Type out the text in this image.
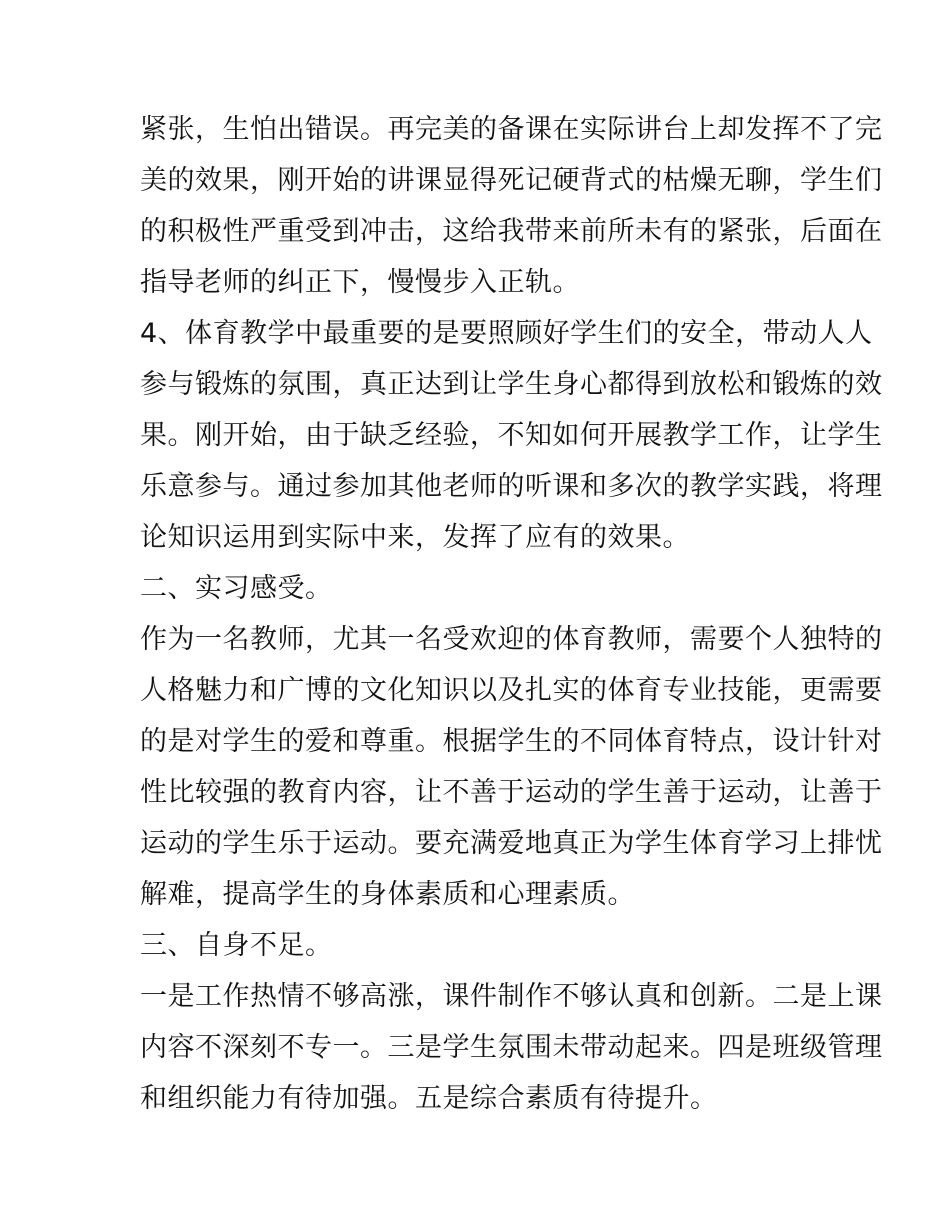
紧张，生怕出错误。再完美的备课在实际讲台上却发挥不了完
美的效果，刚开始的讲课显得死记硬背式的枯燥无聊，学生们
的积极性严重受到冲击，这给我带来前所未有的紧张，后面在
指导老师的纠正下，慢慢步入正轨。
4、体育教学中最重要的是要照顾好学生们的安全，带动人人
参与锻炼的氛围，真正达到让学生身心都得到放松和锻炼的效
果。刚开始，由于缺乏经验，不知如何开展教学工作，让学生
乐意参与。通过参加其他老师的听课和多次的教学实践，将理
论知识运用到实际中来，发挥了应有的效果。
二、实习感受。
作为一名教师，尤其一名受欢迎的体育教师，需要个人独特的
人格魅力和广博的文化知识以及扎实的体育专业技能，更需要
的是对学生的爱和尊重。根据学生的不同体育特点，设计针对
性比较强的教育内容，让不善于运动的学生善于运动，让善于
运动的学生乐于运动。要充满爱地真正为学生体育学习上排忧
解难，提高学生的身体素质和心理素质。
三、自身不足。
一是工作热情不够高涨，课件制作不够认真和创新。二是上课
内容不深刻不专一。三是学生氛围未带动起来。四是班级管理
和组织能力有待加强。五是综合素质有待提升。
